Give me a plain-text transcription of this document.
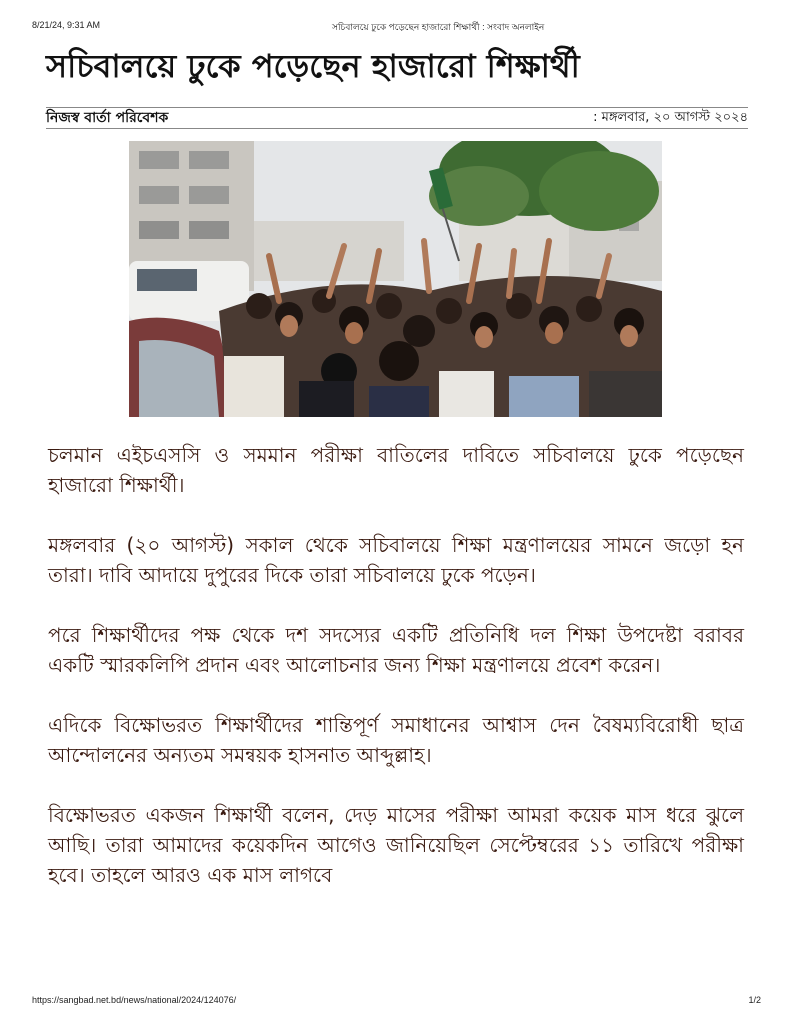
8/21/24, 9:31 AM	সচিবালয়ে ঢুকে পড়েছেন হাজারো শিক্ষার্থী : সংবাদ অনলাইন
সচিবালয়ে ঢুকে পড়েছেন হাজারো শিক্ষার্থী
নিজস্ব বার্তা পরিবেশক	: মঙ্গলবার, ২০ আগস্ট ২০২৪

চলমান এইচএসসি ও সমমান পরীক্ষা বাতিলের দাবিতে সচিবালয়ে ঢুকে পড়েছেন হাজারো শিক্ষার্থী।

মঙ্গলবার (২০ আগস্ট) সকাল থেকে সচিবালয়ে শিক্ষা মন্ত্রণালয়ের সামনে জড়ো হন তারা। দাবি আদায়ে দুপুরের দিকে তারা সচিবালয়ে ঢুকে পড়েন।

পরে শিক্ষার্থীদের পক্ষ থেকে দশ সদস্যের একটি প্রতিনিধি দল শিক্ষা উপদেষ্টা বরাবর একটি স্মারকলিপি প্রদান এবং আলোচনার জন্য শিক্ষা মন্ত্রণালয়ে প্রবেশ করেন।

এদিকে বিক্ষোভরত শিক্ষার্থীদের শান্তিপূর্ণ সমাধানের আশ্বাস দেন বৈষম্যবিরোধী ছাত্র আন্দোলনের অন্যতম সমন্বয়ক হাসনাত আব্দুল্লাহ।

বিক্ষোভরত একজন শিক্ষার্থী বলেন, দেড় মাসের পরীক্ষা আমরা কয়েক মাস ধরে ঝুলে আছি। তারা আমাদের কয়েকদিন আগেও জানিয়েছিল সেপ্টেম্বরের ১১ তারিখে পরীক্ষা হবে। তাহলে আরও এক মাস লাগবে

https://sangbad.net.bd/news/national/2024/124076/	1/2
